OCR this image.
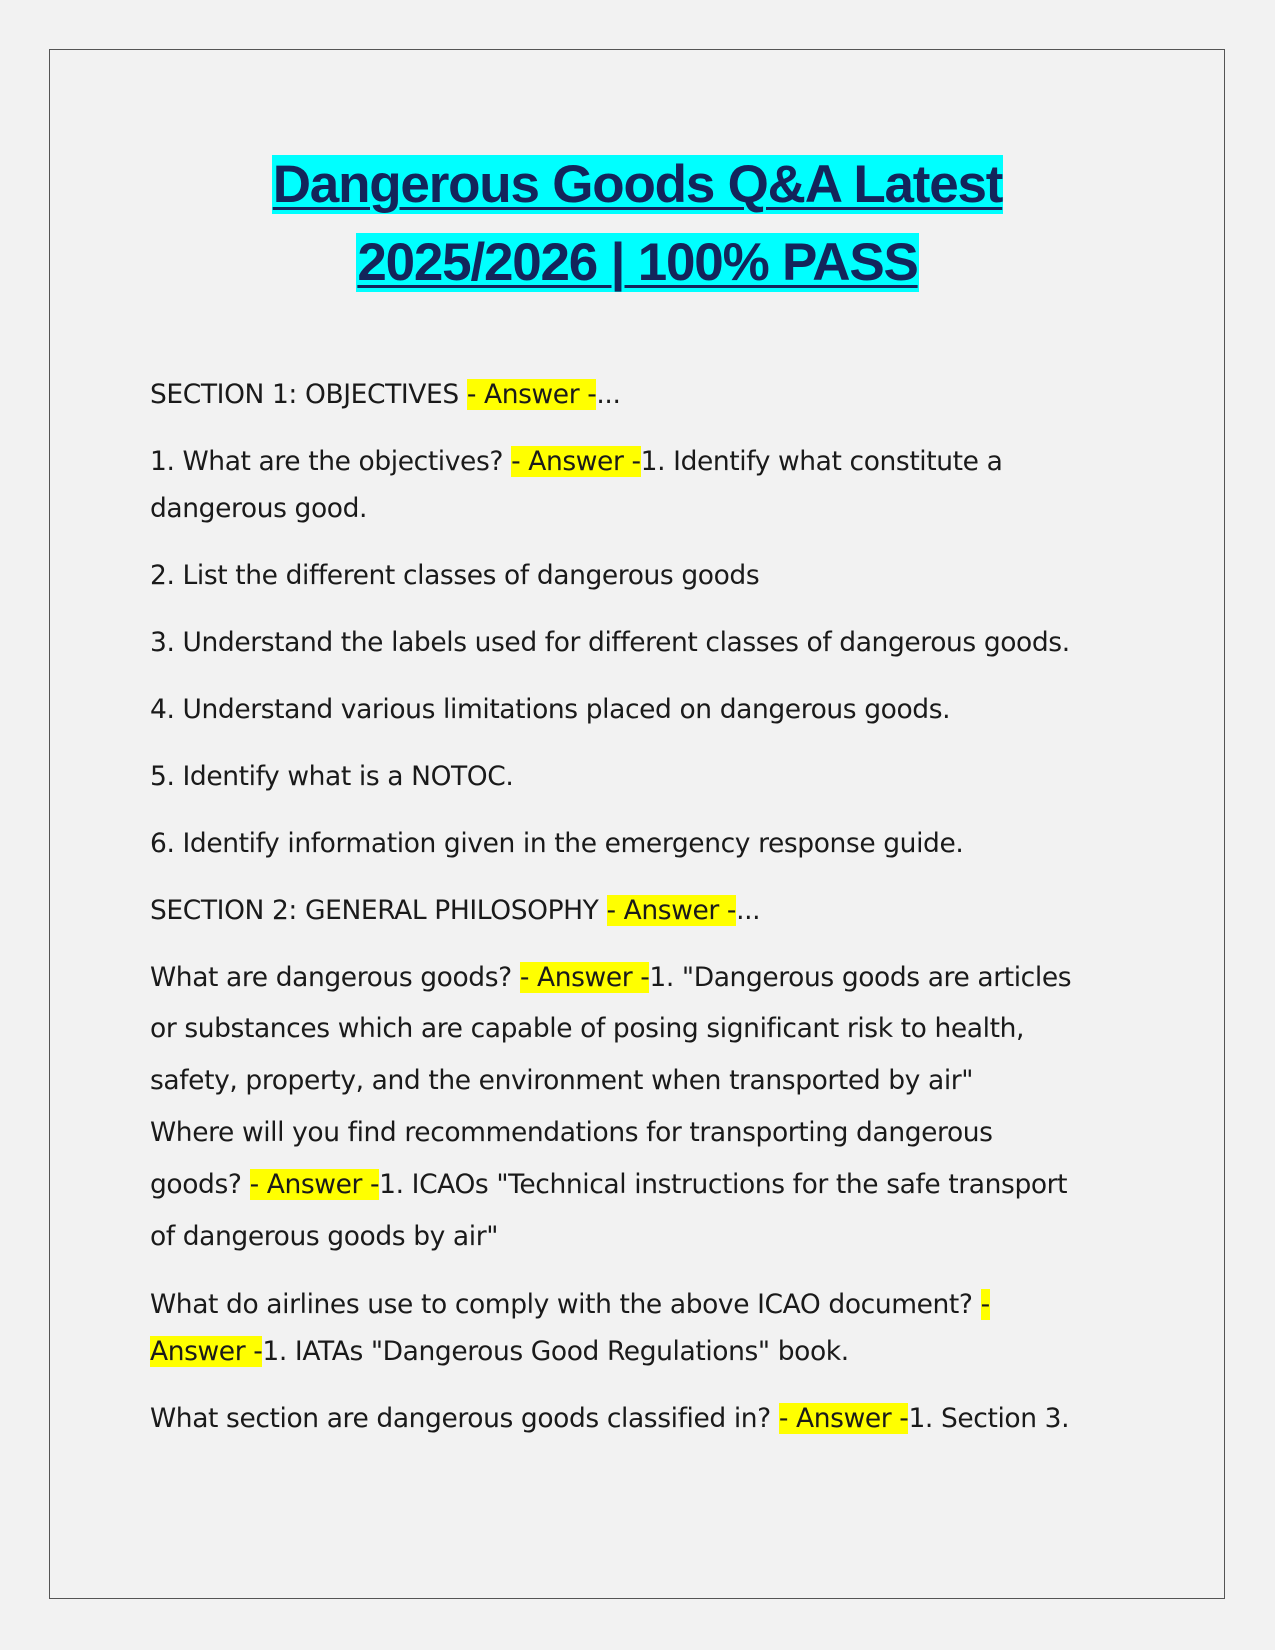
Dangerous Goods Q&A Latest
2025/2026 | 100% PASS
SECTION 1: OBJECTIVES - Answer -...
1. What are the objectives? - Answer -1. Identify what constitute a
dangerous good.
2. List the different classes of dangerous goods
3. Understand the labels used for different classes of dangerous goods.
4. Understand various limitations placed on dangerous goods.
5. Identify what is a NOTOC.
6. Identify information given in the emergency response guide.
SECTION 2: GENERAL PHILOSOPHY - Answer -...
What are dangerous goods? - Answer -1. "Dangerous goods are articles
or substances which are capable of posing significant risk to health,
safety, property, and the environment when transported by air"
Where will you find recommendations for transporting dangerous
goods? - Answer -1. ICAOs "Technical instructions for the safe transport
of dangerous goods by air"
What do airlines use to comply with the above ICAO document? -
Answer -1. IATAs "Dangerous Good Regulations" book.
What section are dangerous goods classified in? - Answer -1. Section 3.
